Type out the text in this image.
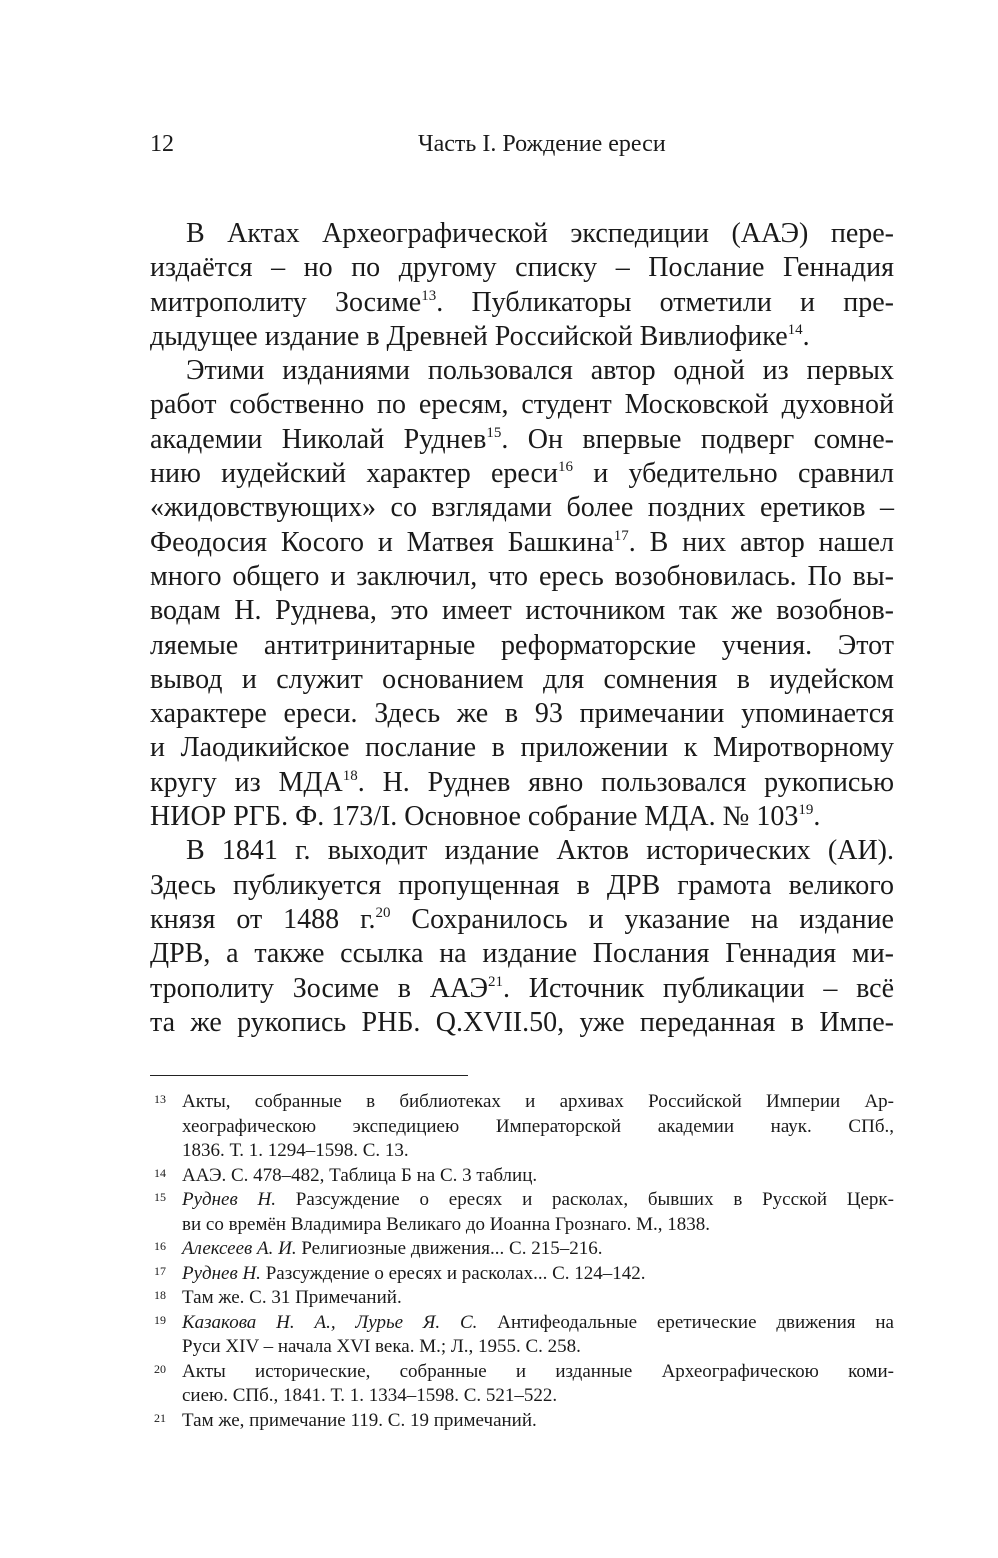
12	Часть I. Рождение ереси
В Актах Археографической экспедиции (ААЭ) пере-
издаётся – но по другому списку – Послание Геннадия
митрополиту Зосиме$^{13}$. Публикаторы отметили и пре-
дыдущее издание в Древней Российской Вивлиофике$^{14}$.
Этими изданиями пользовался автор одной из первых
работ собственно по ересям, студент Московской духовной
академии Николай Руднев$^{15}$. Он впервые подверг сомне-
нию иудейский характер ереси$^{16}$ и убедительно сравнил
«жидовствующих» со взглядами более поздних еретиков –
Феодосия Косого и Матвея Башкина$^{17}$. В них автор нашел
много общего и заключил, что ересь возобновилась. По вы-
водам Н. Руднева, это имеет источником так же возобнов-
ляемые антитринитарные реформаторские учения. Этот
вывод и служит основанием для сомнения в иудейском
характере ереси. Здесь же в 93 примечании упоминается
и Лаодикийское послание в приложении к Миротворному
кругу из МДА$^{18}$. Н. Руднев явно пользовался рукописью
НИОР РГБ. Ф. 173/I. Основное собрание МДА. № 103$^{19}$.
В 1841 г. выходит издание Актов исторических (АИ).
Здесь публикуется пропущенная в ДРВ грамота великого
князя от 1488 г.$^{20}$ Сохранилось и указание на издание
ДРВ, а также ссылка на издание Послания Геннадия ми-
трополиту Зосиме в ААЭ$^{21}$. Источник публикации – всё
та же рукопись РНБ. Q.XVII.50, уже переданная в Импе-
13 Акты, собранные в библиотеках и архивах Российской Империи Ар-
хеографическою экспедициею Императорской академии наук. СПб.,
1836. Т. 1. 1294–1598. С. 13.
14 ААЭ. С. 478–482, Таблица Б на С. 3 таблиц.
15 Руднев Н. Разсуждение о ересях и расколах, бывших в Русской Церк-
ви со времён Владимира Великаго до Иоанна Грознаго. М., 1838.
16 Алексеев А. И. Религиозные движения... С. 215–216.
17 Руднев Н. Разсуждение о ересях и расколах... С. 124–142.
18 Там же. С. 31 Примечаний.
19 Казакова Н. А., Лурье Я. С. Антифеодальные еретические движения на
Руси XIV – начала XVI века. М.; Л., 1955. С. 258.
20 Акты исторические, собранные и изданные Археографическою коми-
сиею. СПб., 1841. Т. 1. 1334–1598. С. 521–522.
21 Там же, примечание 119. С. 19 примечаний.
